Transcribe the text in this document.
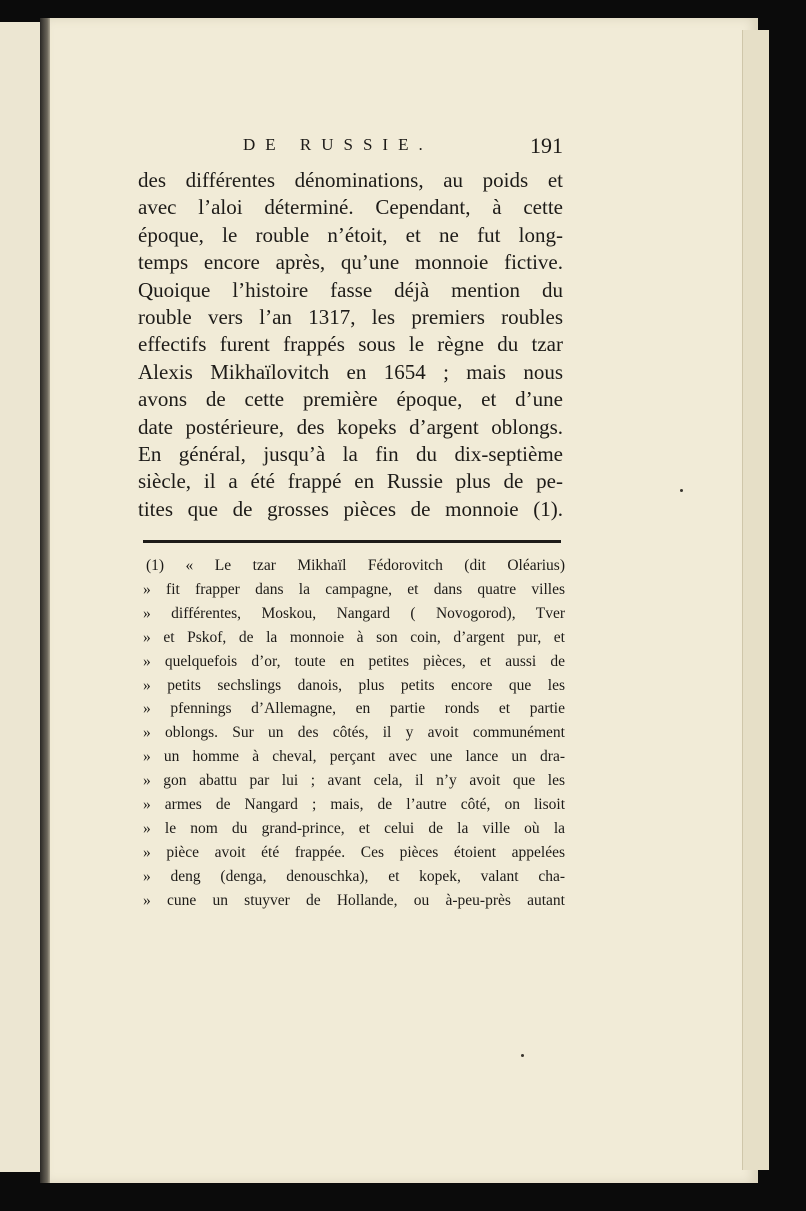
DE RUSSIE.	191
des différentes dénominations, au poids et
avec l’aloi déterminé. Cependant, à cette
époque, le rouble n’étoit, et ne fut long-
temps encore après, qu’une monnoie fictive.
Quoique l’histoire fasse déjà mention du
rouble vers l’an 1317, les premiers roubles
effectifs furent frappés sous le règne du tzar
Alexis Mikhaïlovitch en 1654 ; mais nous
avons de cette première époque, et d’une
date postérieure, des kopeks d’argent oblongs.
En général, jusqu’à la fin du dix-septième
siècle, il a été frappé en Russie plus de pe-
tites que de grosses pièces de monnoie (1).
(1) « Le tzar Mikhaïl Fédorovitch (dit Oléarius)
» fit frapper dans la campagne, et dans quatre villes
» différentes, Moskou, Nangard ( Novogorod), Tver
» et Pskof, de la monnoie à son coin, d’argent pur, et
» quelquefois d’or, toute en petites pièces, et aussi de
» petits sechslings danois, plus petits encore que les
» pfennings d’Allemagne, en partie ronds et partie
» oblongs. Sur un des côtés, il y avoit communément
» un homme à cheval, perçant avec une lance un dra-
» gon abattu par lui ; avant cela, il n’y avoit que les
» armes de Nangard ; mais, de l’autre côté, on lisoit
» le nom du grand-prince, et celui de la ville où la
» pièce avoit été frappée. Ces pièces étoient appelées
» deng (denga, denouschka), et kopek, valant cha-
» cune un stuyver de Hollande, ou à-peu-près autant
